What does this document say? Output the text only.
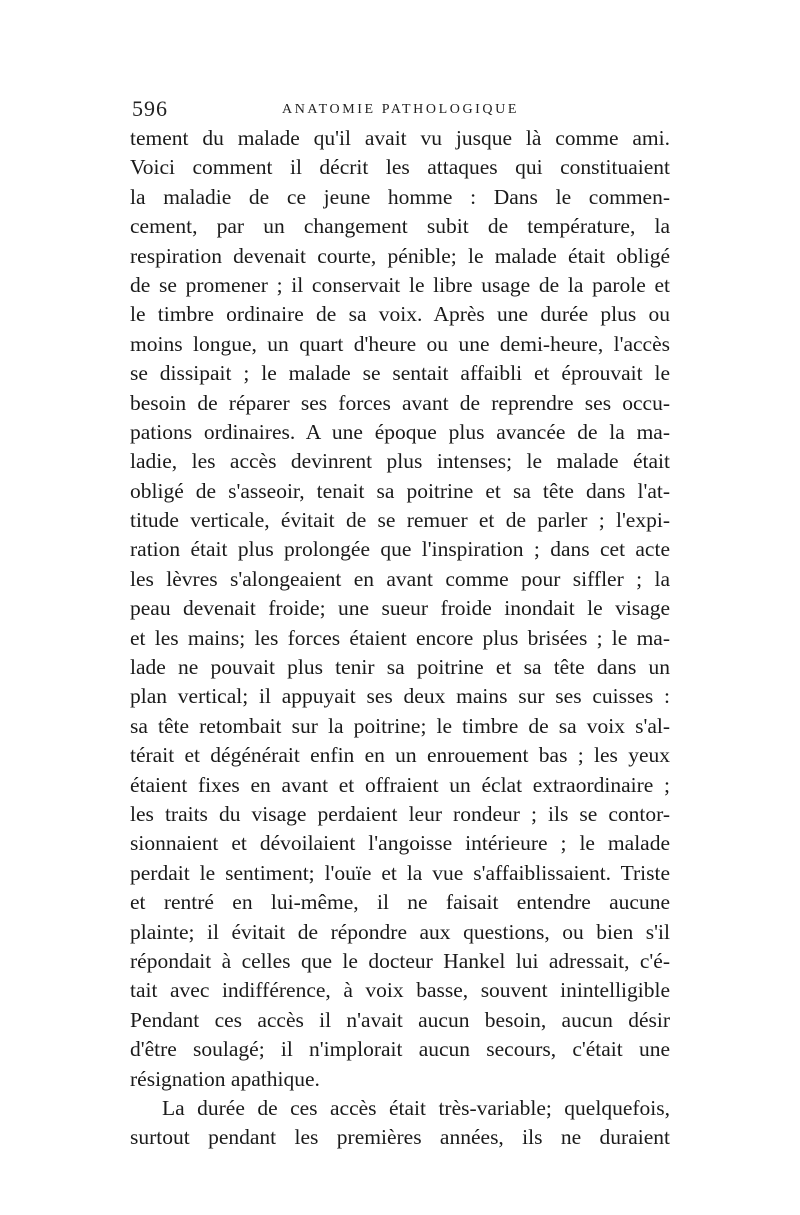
596	ANATOMIE PATHOLOGIQUE
tement du malade qu'il avait vu jusque là comme ami.
Voici comment il décrit les attaques qui constituaient
la maladie de ce jeune homme : Dans le commen-
cement, par un changement subit de température, la
respiration devenait courte, pénible; le malade était obligé
de se promener ; il conservait le libre usage de la parole et
le timbre ordinaire de sa voix. Après une durée plus ou
moins longue, un quart d'heure ou une demi-heure, l'accès
se dissipait ; le malade se sentait affaibli et éprouvait le
besoin de réparer ses forces avant de reprendre ses occu-
pations ordinaires. A une époque plus avancée de la ma-
ladie, les accès devinrent plus intenses; le malade était
obligé de s'asseoir, tenait sa poitrine et sa tête dans l'at-
titude verticale, évitait de se remuer et de parler ; l'expi-
ration était plus prolongée que l'inspiration ; dans cet acte
les lèvres s'alongeaient en avant comme pour siffler ; la
peau devenait froide; une sueur froide inondait le visage
et les mains; les forces étaient encore plus brisées ; le ma-
lade ne pouvait plus tenir sa poitrine et sa tête dans un
plan vertical; il appuyait ses deux mains sur ses cuisses :
sa tête retombait sur la poitrine; le timbre de sa voix s'al-
térait et dégénérait enfin en un enrouement bas ; les yeux
étaient fixes en avant et offraient un éclat extraordinaire ;
les traits du visage perdaient leur rondeur ; ils se contor-
sionnaient et dévoilaient l'angoisse intérieure ; le malade
perdait le sentiment; l'ouïe et la vue s'affaiblissaient. Triste
et rentré en lui-même, il ne faisait entendre aucune
plainte; il évitait de répondre aux questions, ou bien s'il
répondait à celles que le docteur Hankel lui adressait, c'é-
tait avec indifférence, à voix basse, souvent inintelligible
Pendant ces accès il n'avait aucun besoin, aucun désir
d'être soulagé; il n'implorait aucun secours, c'était une
résignation apathique.
La durée de ces accès était très-variable; quelquefois,
surtout pendant les premières années, ils ne duraient
